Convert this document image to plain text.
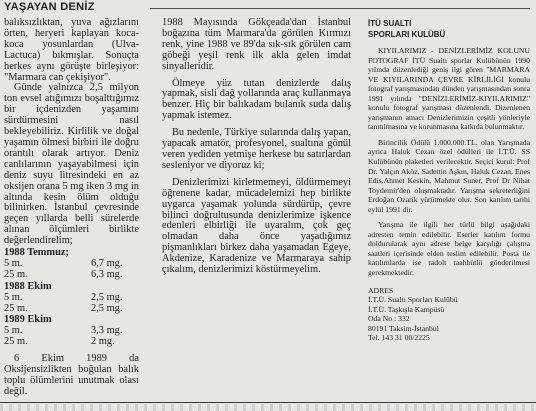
YAŞAYAN DENİZ

balıksızlıktan, yuva ağızlarını örten, heryeri kaplayan koca-koca yosunlardan (Ulva-Lactuca) bıkmışlar. Sonuçta herkes aynı görüşte birleşiyor: "Marmara can çekişiyor".

Günde yalnızca 2,5 milyon ton evsel atığımızı boşalttığımız bir içdenizden yaşamını sürdürmesini nasıl bekleyebiliriz. Kirlilik ve doğal yaşamın ölmesi birbiri ile doğru orantılı olarak artıyor. Deniz canlılarının yaşayabilmesi için deniz suyu litresindeki en az oksijen orana 5 mg iken 3 mg in altında kesin ölüm olduğu bilinirken. İstanbul çevresinde geçen yıllarda belli sürelerde alınan ölçümleri birlikte değerlendirelim;

1988 Temmuz;

5 m.	6,7 mg.
25 m.	6,3 mg.

1988 Ekim

5 m.	2,5 mg.
25 m.	2,5 mg.

1989 Ekim

5 m.	3,3 mg.
25 m.	2 mg.

6 Ekim 1989 da Oksijensizlikten boğulan balık toplu ölümlerini unutmak olası değil.

1988 Mayısında Gökçeada'dan İstanbul boğazına tüm Marmara'da görülen Kırmızı renk, yine 1988 ve 89'da sık-sık görülen cam göbeği yeşil renk ilk akla gelen imdat sinyalleridir.

Ölmeye yüz tutan denizlerde dalış yapmak, sisli dağ yollarında araç kullanmaya benzer. Hiç bir balıkadam bulanık suda dalış yapmak istemez.

Bu nedenle, Türkiye sularında dalış yapan, yapacak amatör, profesyonel, sualtına gönül veren yediden yetmişe herkese bu satırlardan sesleniyor ve diyoruz ki;

Denizlerimizi kirletmemeyi, öldürmemeyi öğrenene kadar, mücadelemizi hep birlikte uygarca yaşamak yolunda sürdürüp, çevre bilinci doğrultusunda denizlerimize işkence edenleri elbirliği ile uyaralım, çok geç olmadan daha önce yaşadığımız pişmanlıkları birkez daha yaşamadan Egeye, Akdenize, Karadenize ve Marmaraya sahip çıkalım, denizlerimizi köstürmeyelim.

İTÜ SUALTI

SPORLARI KULÜBÜ

KIYILARIMIZ - DENİZLERİMİZ KOLUNU FOTOGRAF İTÜ Sualtı sporlar Kulübünün 1990 yılında düzenlediği geniş ilgi gören "MARMARA VE KIYILARINDA ÇEVRE KİRLİLİĞİ konulu fotograf yarışmasından dünden yarışmasından sonra 1991 yılında "DENİZLERİMİZ-KIYILARIMIZ" konulu fotograf yarışması düzenlendi. Dizenlenen yarışmanın amacı Denizlerimizin çeşitli yönleriyle tanıtılmasına ve korunmasına katkıda bulunmaktır.

Birincilik Ödülü 1.000.000.TL. olan Yarışmada ayrıca Haluk Cezan özel ödülleri ile İ.T.Ü. SS Kulübünün plaketleri verilecektir. Seçici kurul: Prof Dr. Yalçın Aköz, Sadettin Aşkın, Haluk Cezan, Enes Edis,Ahmet Keskin, Mahmut Suner, Prof Dr Nihat Toydemir'den oluşmaktadır. Yarışma sekreterliğini Erdoğan Ozarik yürütmekte olur. Son katılım tarihi eylül 1991 dir.

Yarışma ile ilgili her türlü bilgi aşağıdaki adresten temin edilebilir. Eserler katılım formu doldurularak aynı adrese belge karşılığı çalışma saatleri içerisinde elden teslim edilebilir. Posta ile katılımlarda ise tadolt taahhütlü gönderilmesi gerekmektedir.

ADRES

İ.T.Ü. Sualtı Sporları Kulübü

İ.T.Ü. Taşkışla Kampüsü

Oda No : 332

80191 Taksim-İstanbul

Tel. 143 31 00/2225
